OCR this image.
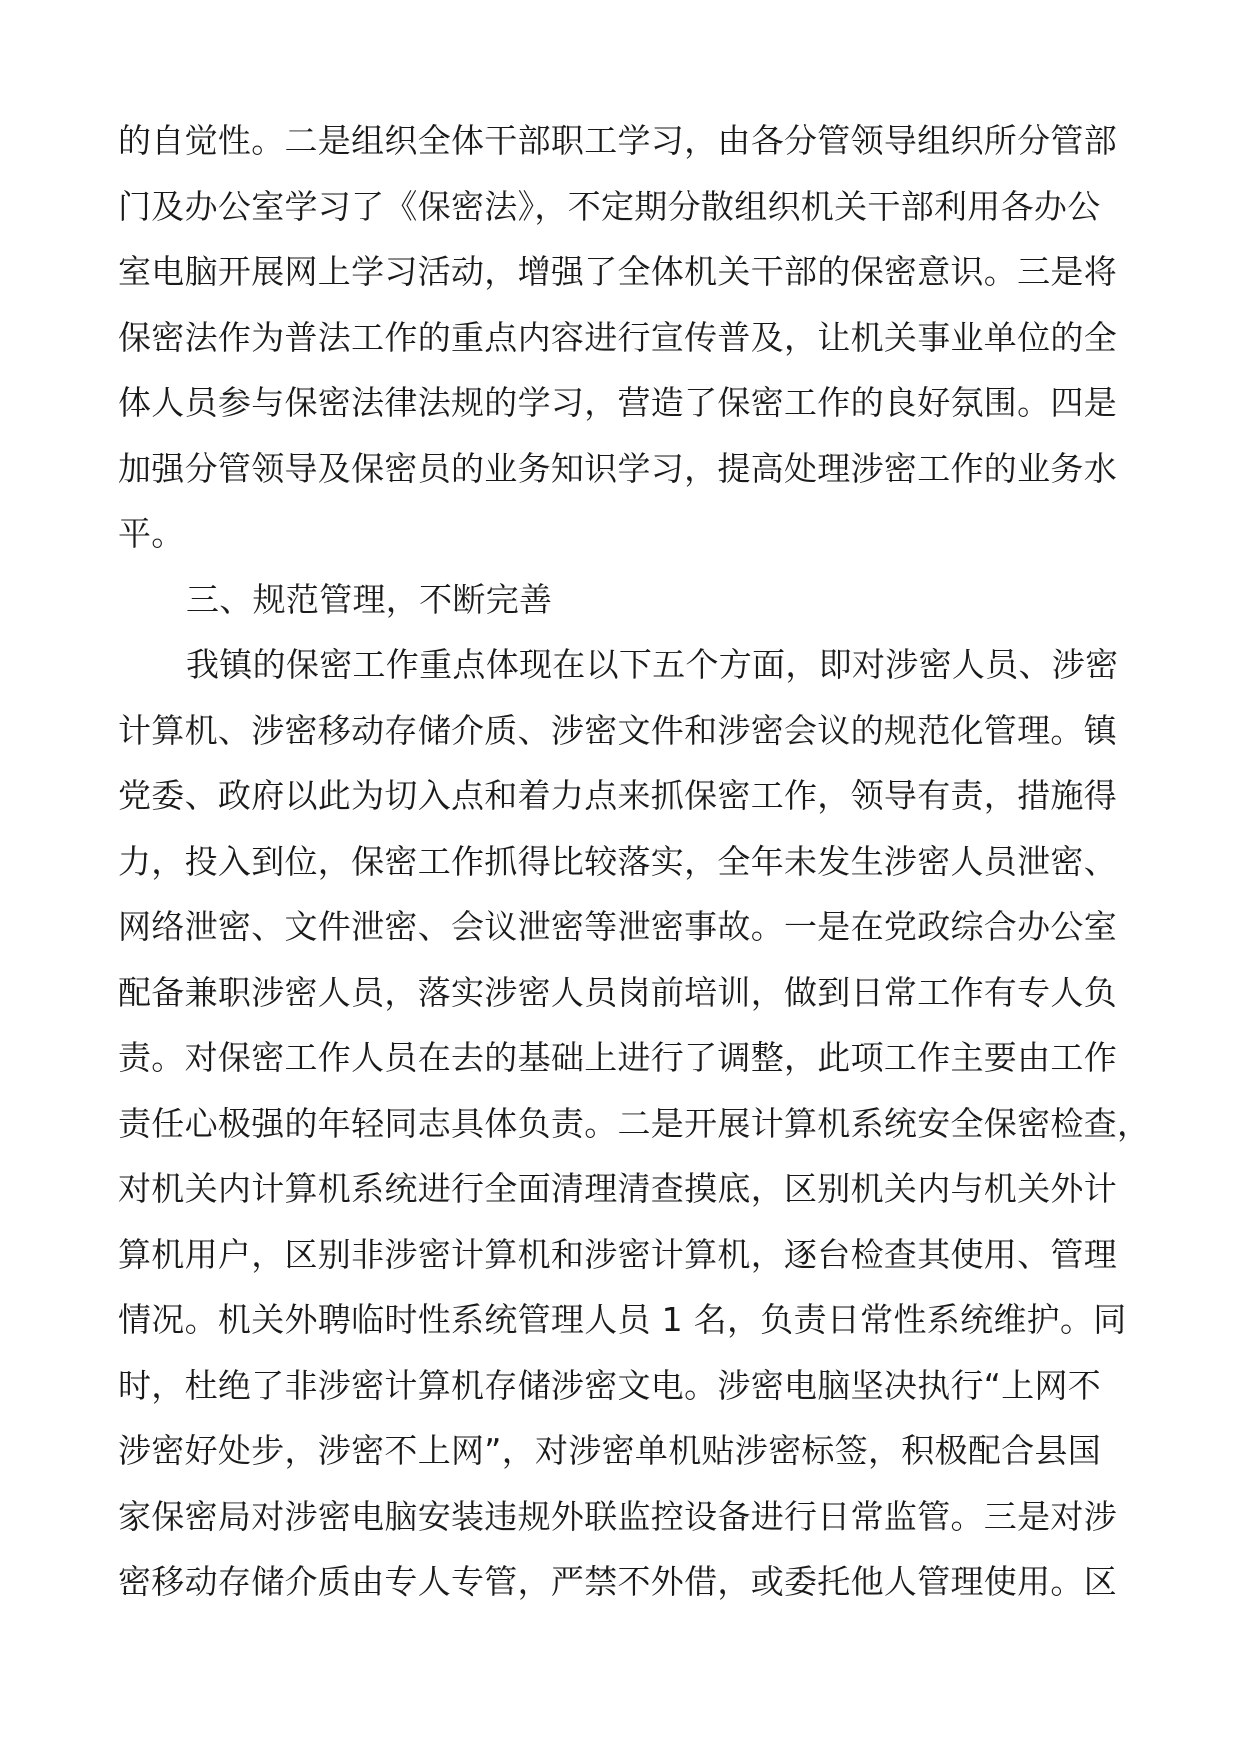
的自觉性。二是组织全体干部职工学习，由各分管领导组织所分管部
门及办公室学习了《保密法》，不定期分散组织机关干部利用各办公
室电脑开展网上学习活动，增强了全体机关干部的保密意识。三是将
保密法作为普法工作的重点内容进行宣传普及，让机关事业单位的全
体人员参与保密法律法规的学习，营造了保密工作的良好氛围。四是
加强分管领导及保密员的业务知识学习，提高处理涉密工作的业务水
平。
三、规范管理，不断完善
我镇的保密工作重点体现在以下五个方面，即对涉密人员、涉密
计算机、涉密移动存储介质、涉密文件和涉密会议的规范化管理。镇
党委、政府以此为切入点和着力点来抓保密工作，领导有责，措施得
力，投入到位，保密工作抓得比较落实，全年未发生涉密人员泄密、
网络泄密、文件泄密、会议泄密等泄密事故。一是在党政综合办公室
配备兼职涉密人员，落实涉密人员岗前培训，做到日常工作有专人负
责。对保密工作人员在去的基础上进行了调整，此项工作主要由工作
责任心极强的年轻同志具体负责。二是开展计算机系统安全保密检查，
对机关内计算机系统进行全面清理清查摸底，区别机关内与机关外计
算机用户，区别非涉密计算机和涉密计算机，逐台检查其使用、管理
情况。机关外聘临时性系统管理人员 1 名，负责日常性系统维护。同
时，杜绝了非涉密计算机存储涉密文电。涉密电脑坚决执行“上网不
涉密好处步，涉密不上网”，对涉密单机贴涉密标签，积极配合县国
家保密局对涉密电脑安装违规外联监控设备进行日常监管。三是对涉
密移动存储介质由专人专管，严禁不外借，或委托他人管理使用。区
